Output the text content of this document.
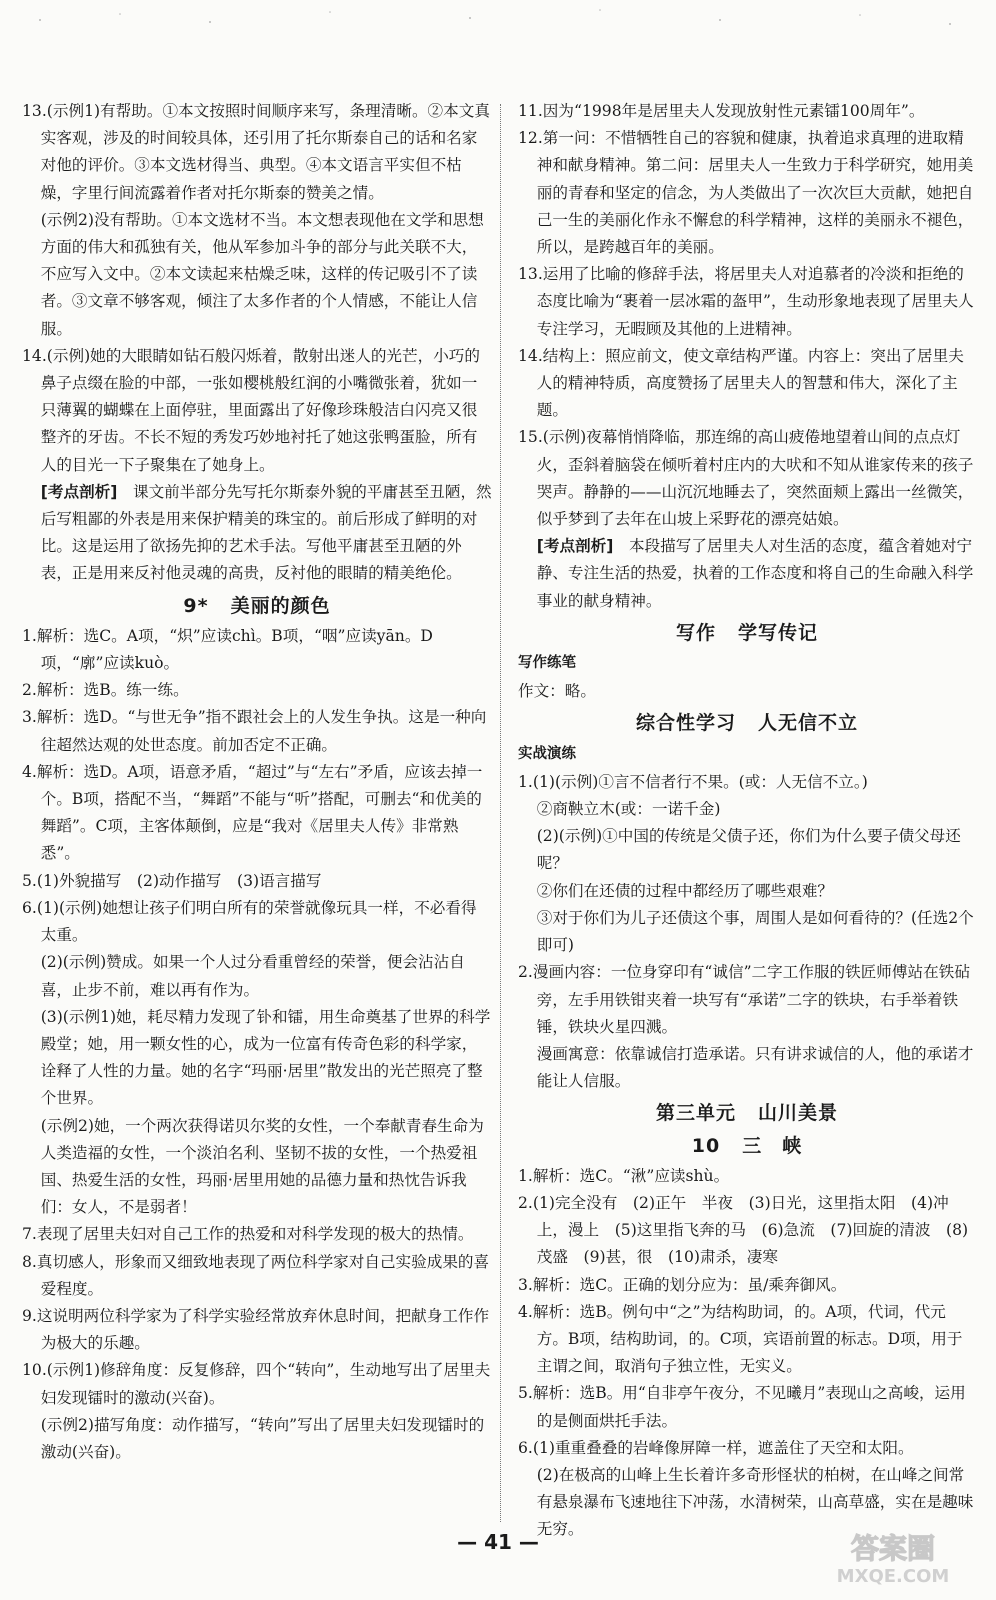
13.(示例1)有帮助。①本文按照时间顺序来写，条理清晰。②本文真实客观，涉及的时间较具体，还引用了托尔斯泰自己的话和名家对他的评价。③本文选材得当、典型。④本文语言平实但不枯燥，字里行间流露着作者对托尔斯泰的赞美之情。

(示例2)没有帮助。①本文选材不当。本文想表现他在文学和思想方面的伟大和孤独有关，他从军参加斗争的部分与此关联不大，不应写入文中。②本文读起来枯燥乏味，这样的传记吸引不了读者。③文章不够客观，倾注了太多作者的个人情感，不能让人信服。

14.(示例)她的大眼睛如钻石般闪烁着，散射出迷人的光芒，小巧的鼻子点缀在脸的中部，一张如樱桃般红润的小嘴微张着，犹如一只薄翼的蝴蝶在上面停驻，里面露出了好像珍珠般洁白闪亮又很整齐的牙齿。不长不短的秀发巧妙地衬托了她这张鸭蛋脸，所有人的目光一下子聚集在了她身上。

[考点剖析]　 课文前半部分先写托尔斯泰外貌的平庸甚至丑陋，然后写粗鄙的外表是用来保护精美的珠宝的。前后形成了鲜明的对比。这是运用了欲扬先抑的艺术手法。写他平庸甚至丑陋的外表，正是用来反衬他灵魂的高贵，反衬他的眼睛的精美绝伦。

9* 美丽的颜色

1.解析：选C。A项，“炽”应读chì。B项，“咽”应读yān。D项，“廓”应读kuò。

2.解析：选B。练一练。

3.解析：选D。“与世无争”指不跟社会上的人发生争执。这是一种向往超然达观的处世态度。前加否定不正确。

4.解析：选D。A项，语意矛盾，“超过”与“左右”矛盾，应该去掉一个。B项，搭配不当，“舞蹈”不能与“听”搭配，可删去“和优美的舞蹈”。C项，主客体颠倒，应是“我对《居里夫人传》非常熟悉”。

5.(1)外貌描写　(2)动作描写　(3)语言描写

6.(1)(示例)她想让孩子们明白所有的荣誉就像玩具一样，不必看得太重。

(2)(示例)赞成。如果一个人过分看重曾经的荣誉，便会沾沾自喜，止步不前，难以再有作为。

(3)(示例1)她，耗尽精力发现了钋和镭，用生命奠基了世界的科学殿堂；她，用一颗女性的心，成为一位富有传奇色彩的科学家，诠释了人性的力量。她的名字“玛丽·居里”散发出的光芒照亮了整个世界。

(示例2)她，一个两次获得诺贝尔奖的女性，一个奉献青春生命为人类造福的女性，一个淡泊名利、坚韧不拔的女性，一个热爱祖国、热爱生活的女性，玛丽·居里用她的品德力量和热忱告诉我们：女人，不是弱者！

7.表现了居里夫妇对自己工作的热爱和对科学发现的极大的热情。

8.真切感人，形象而又细致地表现了两位科学家对自己实验成果的喜爱程度。

9.这说明两位科学家为了科学实验经常放弃休息时间，把献身工作作为极大的乐趣。

10.(示例1)修辞角度：反复修辞，四个“转向”，生动地写出了居里夫妇发现镭时的激动(兴奋)。

(示例2)描写角度：动作描写，“转向”写出了居里夫妇发现镭时的激动(兴奋)。

11.因为“1998年是居里夫人发现放射性元素镭100周年”。

12.第一问：不惜牺牲自己的容貌和健康，执着追求真理的进取精神和献身精神。第二问：居里夫人一生致力于科学研究，她用美丽的青春和坚定的信念，为人类做出了一次次巨大贡献，她把自己一生的美丽化作永不懈怠的科学精神，这样的美丽永不褪色，所以，是跨越百年的美丽。

13.运用了比喻的修辞手法，将居里夫人对追慕者的冷淡和拒绝的态度比喻为“裹着一层冰霜的盔甲”，生动形象地表现了居里夫人专注学习，无暇顾及其他的上进精神。

14.结构上：照应前文，使文章结构严谨。内容上：突出了居里夫人的精神特质，高度赞扬了居里夫人的智慧和伟大，深化了主题。

15.(示例)夜幕悄悄降临，那连绵的高山疲倦地望着山间的点点灯火，歪斜着脑袋在倾听着村庄内的大吠和不知从谁家传来的孩子哭声。静静的——山沉沉地睡去了，突然面颊上露出一丝微笑，似乎梦到了去年在山坡上采野花的漂亮姑娘。

[考点剖析]　 本段描写了居里夫人对生活的态度，蕴含着她对宁静、专注生活的热爱，执着的工作态度和将自己的生命融入科学事业的献身精神。

写作 学写传记
写作练笔

作文：略。

综合性学习 人无信不立
实战演练

1.(1)(示例)①言不信者行不果。(或：人无信不立。)

②商鞅立木(或：一诺千金)

(2)(示例)①中国的传统是父债子还，你们为什么要子债父母还呢？

②你们在还债的过程中都经历了哪些艰难？

③对于你们为儿子还债这个事，周围人是如何看待的？(任选2个即可)

2.漫画内容：一位身穿印有“诚信”二字工作服的铁匠师傅站在铁砧旁，左手用铁钳夹着一块写有“承诺”二字的铁块，右手举着铁锤，铁块火星四溅。

漫画寓意：依靠诚信打造承诺。只有讲求诚信的人，他的承诺才能让人信服。

第三单元 山川美景
10 三　峡

1.解析：选C。“湫”应读shù。

2.(1)完全没有　(2)正午　半夜　(3)日光，这里指太阳　(4)冲上，漫上　(5)这里指飞奔的马　(6)急流　(7)回旋的清波　(8)茂盛　(9)甚，很　(10)肃杀，凄寒

3.解析：选C。正确的划分应为：虽/乘奔御风。

4.解析：选B。例句中“之”为结构助词，的。A项，代词，代元方。B项，结构助词，的。C项，宾语前置的标志。D项，用于主谓之间，取消句子独立性，无实义。

5.解析：选B。用“自非亭午夜分，不见曦月”表现山之高峻，运用的是侧面烘托手法。

6.(1)重重叠叠的岩峰像屏障一样，遮盖住了天空和太阳。

(2)在极高的山峰上生长着许多奇形怪状的柏树，在山峰之间常有悬泉瀑布飞速地往下冲荡，水清树荣，山高草盛，实在是趣味无穷。

— 41 —	答案圈
MXQE.COM
